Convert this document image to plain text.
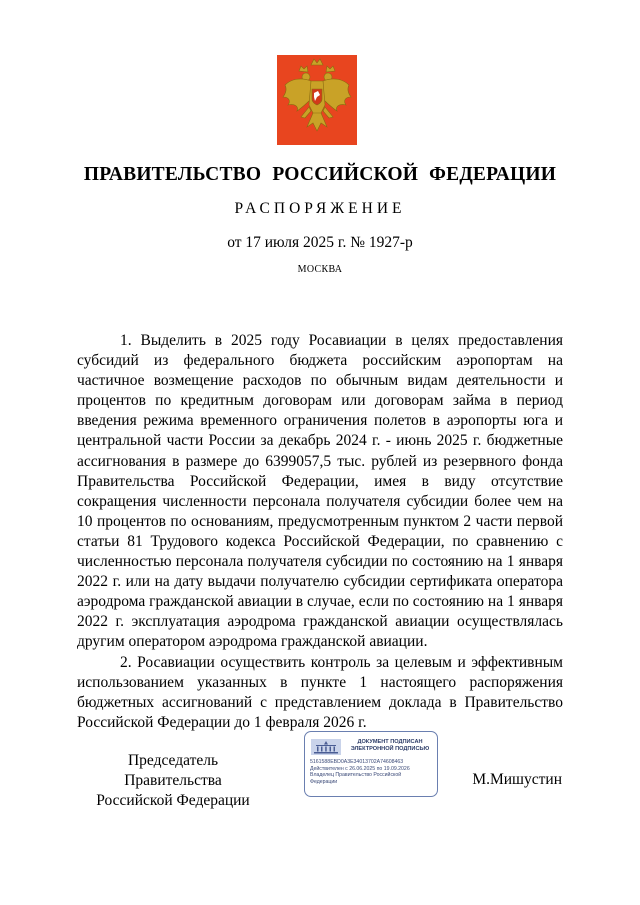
ПРАВИТЕЛЬСТВО РОССИЙСКОЙ ФЕДЕРАЦИИ
РАСПОРЯЖЕНИЕ
от 17 июля 2025 г. № 1927-р
МОСКВА

1. Выделить в 2025 году Росавиации в целях предоставления субсидий из федерального бюджета российским аэропортам на частичное возмещение расходов по обычным видам деятельности и процентов по кредитным договорам или договорам займа в период введения режима временного ограничения полетов в аэропорты юга и центральной части России за декабрь 2024 г. - июнь 2025 г. бюджетные ассигнования в размере до 6399057,5 тыс. рублей из резервного фонда Правительства Российской Федерации, имея в виду отсутствие сокращения численности персонала получателя субсидии более чем на 10 процентов по основаниям, предусмотренным пунктом 2 части первой статьи 81 Трудового кодекса Российской Федерации, по сравнению с численностью персонала получателя субсидии по состоянию на 1 января 2022 г. или на дату выдачи получателю субсидии сертификата оператора аэродрома гражданской авиации в случае, если по состоянию на 1 января 2022 г. эксплуатация аэродрома гражданской авиации осуществлялась другим оператором аэродрома гражданской авиации.

2. Росавиации осуществить контроль за целевым и эффективным использованием указанных в пункте 1 настоящего распоряжения бюджетных ассигнований с представлением доклада в Правительство Российской Федерации до 1 февраля 2026 г.

Председатель Правительства
Российской Федерации
ДОКУМЕНТ ПОДПИСАН
ЭЛЕКТРОННОЙ ПОДПИСЬЮ
5161588EBD0A3E34013702A74608463
Действителен с 26.06.2025 по 19.09.2026
Владелец Правительство Российской
Федерации	М.Мишустин
